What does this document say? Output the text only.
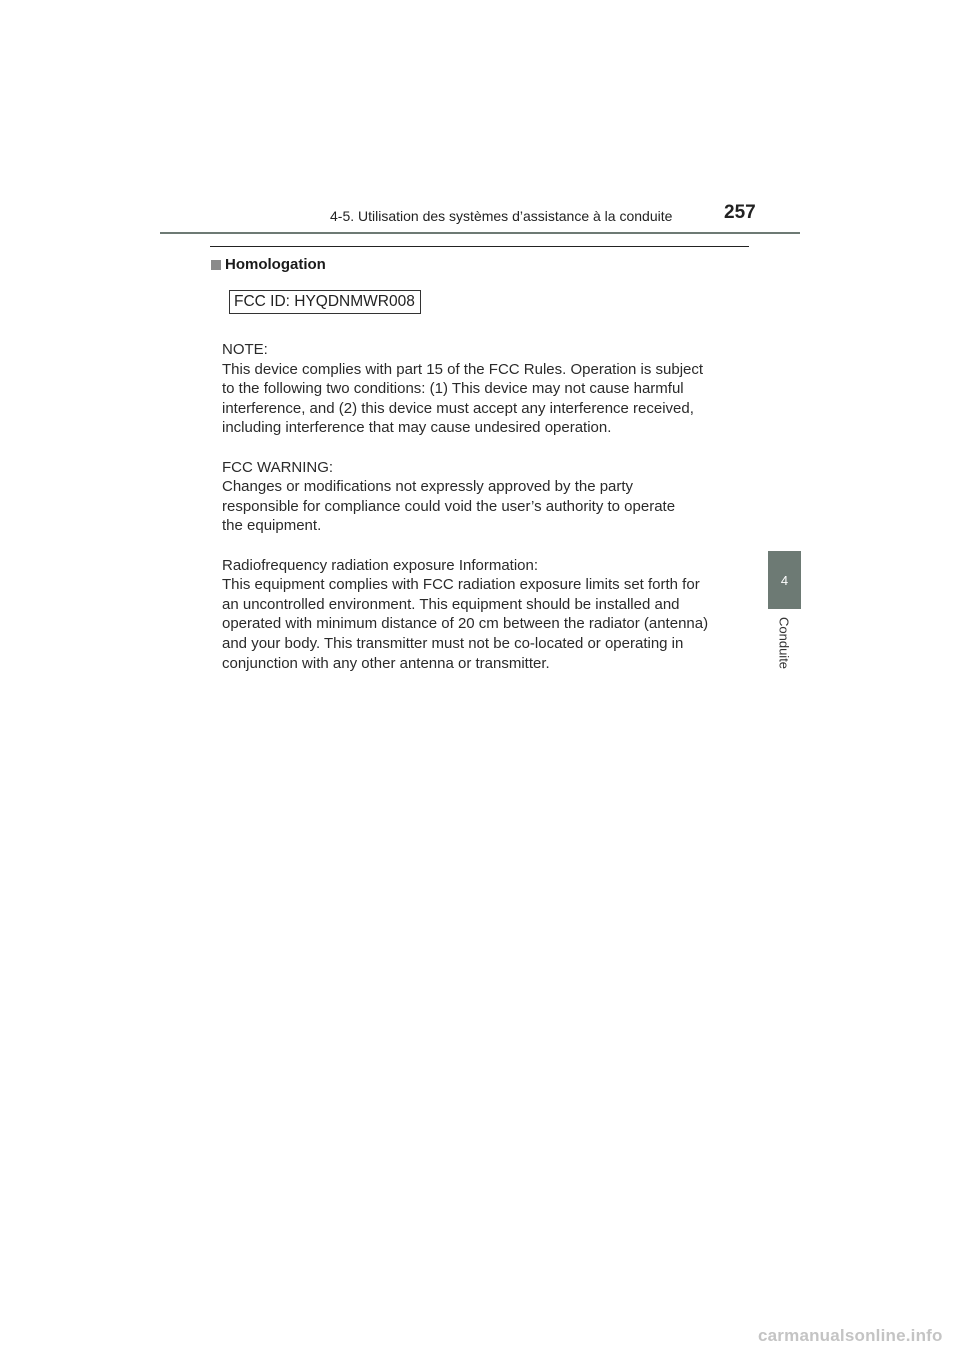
4-5. Utilisation des systèmes d’assistance à la conduite	257
Homologation
FCC ID: HYQDNMWR008

NOTE:
This device complies with part 15 of the FCC Rules. Operation is subject
to the following two conditions: (1) This device may not cause harmful
interference, and (2) this device must accept any interference received,
including interference that may cause undesired operation.

FCC WARNING:
Changes or modifications not expressly approved by the party
responsible for compliance could void the user’s authority to operate
the equipment.

Radiofrequency radiation exposure Information:
This equipment complies with FCC radiation exposure limits set forth for
an uncontrolled environment. This equipment should be installed and
operated with minimum distance of 20 cm between the radiator (antenna)
and your body. This transmitter must not be co-located or operating in
conjunction with any other antenna or transmitter.

4
Conduite
carmanualsonline.info
